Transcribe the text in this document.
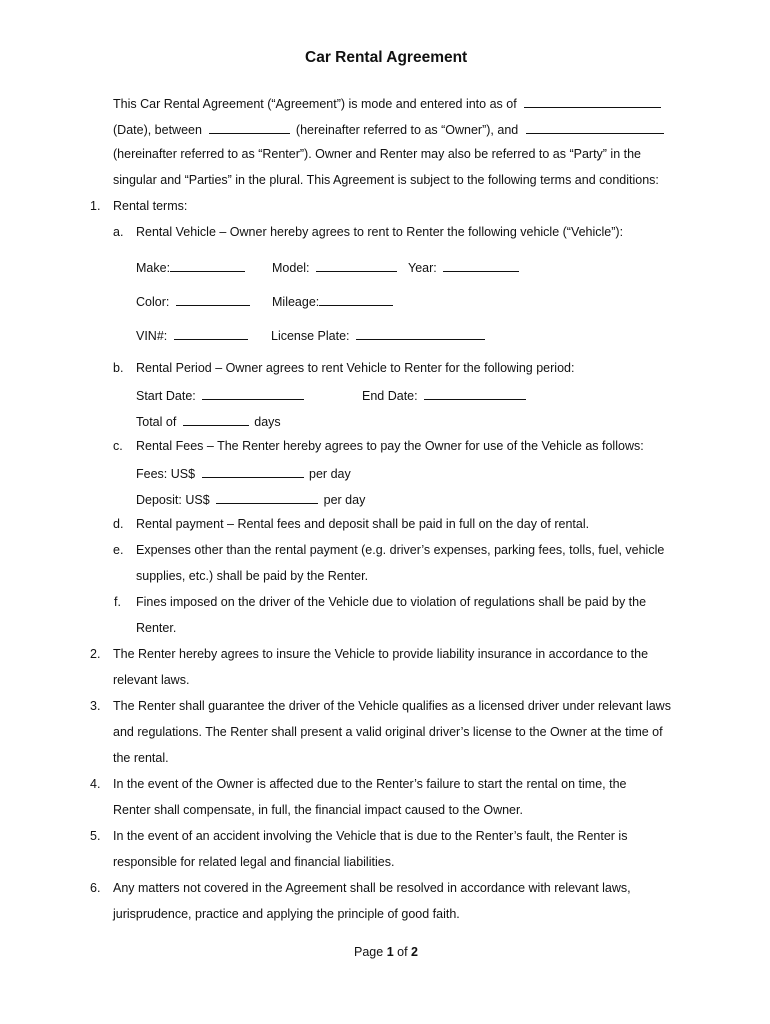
Car Rental Agreement
This Car Rental Agreement (“Agreement”) is mode and entered into as of
(Date), between	(hereinafter referred to as “Owner”), and
(hereinafter referred to as “Renter”). Owner and Renter may also be referred to as “Party” in the
singular and “Parties” in the plural. This Agreement is subject to the following terms and conditions:
1. Rental terms:
a. Rental Vehicle – Owner hereby agrees to rent to Renter the following vehicle (“Vehicle”):
Make:	Model:	Year:
Color:	Mileage:
VIN#:	License Plate:
b. Rental Period – Owner agrees to rent Vehicle to Renter for the following period:
Start Date:	End Date:
Total of	days
c. Rental Fees – The Renter hereby agrees to pay the Owner for use of the Vehicle as follows:
Fees: US$	per day
Deposit: US$	per day
d. Rental payment – Rental fees and deposit shall be paid in full on the day of rental.
e. Expenses other than the rental payment (e.g. driver’s expenses, parking fees, tolls, fuel, vehicle
supplies, etc.) shall be paid by the Renter.
f. Fines imposed on the driver of the Vehicle due to violation of regulations shall be paid by the
Renter.
2. The Renter hereby agrees to insure the Vehicle to provide liability insurance in accordance to the
relevant laws.
3. The Renter shall guarantee the driver of the Vehicle qualifies as a licensed driver under relevant laws
and regulations. The Renter shall present a valid original driver’s license to the Owner at the time of
the rental.
4. In the event of the Owner is affected due to the Renter’s failure to start the rental on time, the
Renter shall compensate, in full, the financial impact caused to the Owner.
5. In the event of an accident involving the Vehicle that is due to the Renter’s fault, the Renter is
responsible for related legal and financial liabilities.
6. Any matters not covered in the Agreement shall be resolved in accordance with relevant laws,
jurisprudence, practice and applying the principle of good faith.
Page 1 of 2
